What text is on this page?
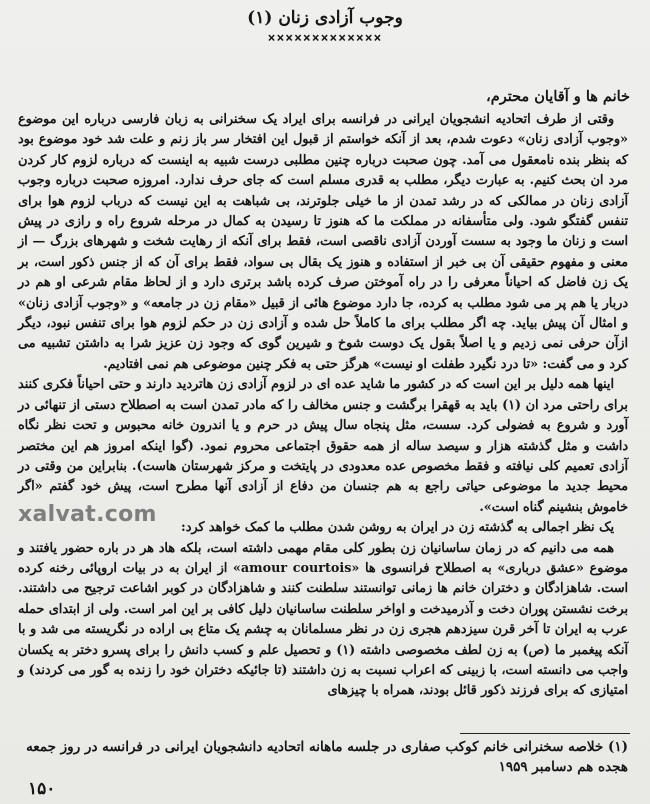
وجوب آزادی زنان (۱)
×××××××××××××
خانم ها و آقایان محترم،

وقتی از طرف اتحادیه انشجویان ایرانی در فرانسه برای ایراد یک سخنرانی به زبان فارسی درباره این موضوع «وجوب آزادی زنان» دعوت شدم، بعد از آنکه خواستم از قبول این افتخار سر باز زنم و علت شد خود موضوع بود که بنظر بنده نامعقول می آمد. چون صحبت درباره چنین مطلبی درست شبیه به اینست که درباره لزوم کار کردن مرد ان بحث کنیم. به عبارت دیگر، مطلب به قدری مسلم است که جای حرف ندارد. امروزه صحبت درباره وجوب آزادی زنان در ممالکی که در رشد تمدن از ما خیلی جلوترند، بی شباهت به این نیست که درباب لزوم هوا برای تنفس گفتگو شود. ولی متأسفانه در مملکت ما که هنوز تا رسیدن به کمال در مرحله شروع راه و رازی در پیش است و زنان ما وجود به سست آوردن آزادی ناقصی است، فقط برای آنکه از رهایت شخت و شهرهای بزرگ — از معنی و مفهوم حقیقی آن بی خبر از استفاده و هنوز یک بقال بی سواد، فقط برای آن که از جنس ذکور است، بر یک زن فاضل که احیاناً معرفی را در راه آموختن صرف کرده باشد برتری دارد و از لحاظ مقام شرعی او هم در دربار یا هم پر می شود مطلب به کرده، جا دارد موضوع هائی از قبیل «مقام زن در جامعه» و «وجوب آزادی زنان» و امثال آن پیش بیاید. چه اگر مطلب برای ما کاملاً حل شده و آزادی زن در حکم لزوم هوا برای تنفس نبود، دیگر ازآن حرفی نمی زدیم و یا اصلاً بقول یک دوست شوخ و شیرین گوی که وجود زن عزیز شرا به داشتن تشبیه می کرد و می گفت: «تا درد نگیرد طفلت او نیست» هرگز حتی به فکر چنین موضوعی هم نمی افتادیم.

اینها همه دلیل بر این است که در کشور ما شاید عده ای در لزوم آزادی زن هاتردید دارند و حتی احیاناً فکری کنند برای راحتی مرد ان (۱) باید به قهقرا برگشت و جنس مخالف را که مادر تمدن است به اصطلاح دستی از تنهائی در آورد و شروع به فضولی کرد. سست، مثل پنجاه سال پیش در حرم و یا اندرون خانه محبوس و تحت نظر نگاه داشت و مثل گذشته هزار و سیصد ساله از همه حقوق اجتماعی محروم نمود. (گوا اینکه امروز هم این مختصر آزادی تعمیم کلی نیافته و فقط مخصوص عده معدودی در پایتخت و مرکز شهرستان هاست). بنابراین من وقتی در محیط جدید ما موضوعی حیاتی راجع به هم جنسان من دفاع از آزادی آنها مطرح است، پیش خود گفتم «اگر خاموش بنشینم گناه است».

یک نظر اجمالی به گذشته زن در ایران به روشن شدن مطلب ما کمک خواهد کرد:

همه می دانیم که در زمان ساسانیان زن بطور کلی مقام مهمی داشته است، بلکه هاد هر در باره حضور یافتند و موضوع «عشق درباری» به اصطلاح فرانسوی ها «amour courtois» از ایران به در بیات اروپائی رخنه کرده است. شاهزادگان و دختران خانم ها زمانی توانستند سلطنت کنند و شاهزادگان در کوبر اشاعت ترجیح می داشتند. برخت نشستن پوران دخت و آذرمیدخت و اواخر سلطنت ساسانیان دلیل کافی بر این امر است. ولی از ابتدای حمله عرب به ایران تا آخر قرن سیزدهم هجری زن در نظر مسلمانان به چشم یک متاع بی اراده در نگریسته می شد و با آنکه پیغمبر ما (ص) به زن لطف مخصوصی داشته (۱) و تحصیل علم و کسب دانش را برای پسرو دختر به یکسان واجب می دانسته است، با زبینی که اعراب نسبت به زن داشتند (تا جائیکه دختران خود را زنده به گور می کردند) و امتیازی که برای فرزند ذکور قائل بودند، همراه با چیزهای

(۱) خلاصه سخنرانی خانم کوکب صفاری در جلسه ماهانه اتحادیه دانشجویان ایرانی در فرانسه در روز جمعه هجده هم دسامبر ۱۹۵۹
۱۵۰
xalvat.com
